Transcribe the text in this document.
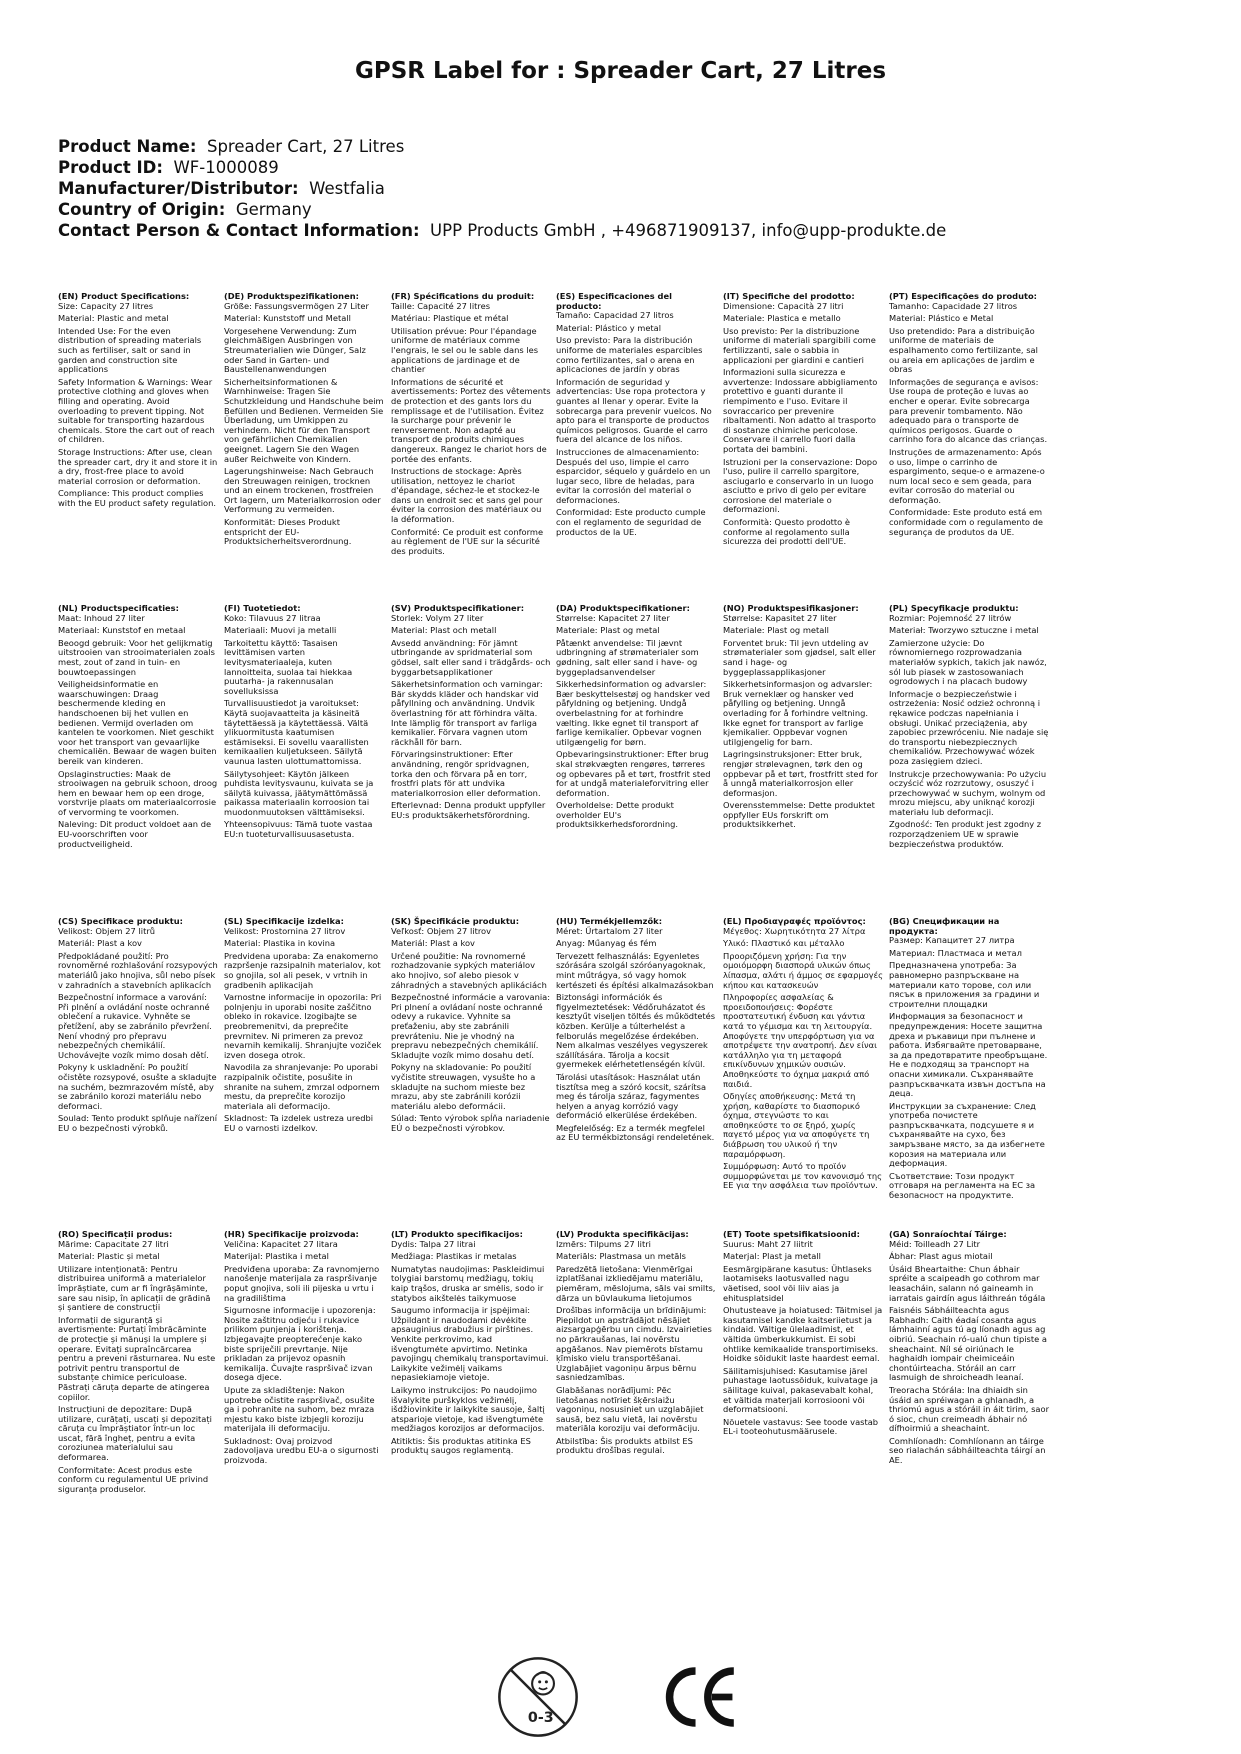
GPSR Label for : Spreader Cart, 27 Litres
Product Name: Spreader Cart, 27 Litres
Product ID: WF-1000089
Manufacturer/Distributor: Westfalia
Country of Origin: Germany
Contact Person & Contact Information: UPP Products GmbH , +496871909137, info@upp-produkte.de
(EN) Product Specifications:

Size: Capacity 27 litres

Material: Plastic and metal

Intended Use: For the even distribution of spreading materials such as fertiliser, salt or sand in garden and construction site applications

Safety Information & Warnings: Wear protective clothing and gloves when filling and operating. Avoid overloading to prevent tipping. Not suitable for transporting hazardous chemicals. Store the cart out of reach of children.

Storage Instructions: After use, clean the spreader cart, dry it and store it in a dry, frost-free place to avoid material corrosion or deformation.

Compliance: This product complies with the EU product safety regulation.

(DE) Produktspezifikationen:

Größe: Fassungsvermögen 27 Liter

Material: Kunststoff und Metall

Vorgesehene Verwendung: Zum gleichmäßigen Ausbringen von Streumaterialien wie Dünger, Salz oder Sand in Garten- und Baustellenanwendungen

Sicherheitsinformationen & Warnhinweise: Tragen Sie Schutzkleidung und Handschuhe beim Befüllen und Bedienen. Vermeiden Sie Überladung, um Umkippen zu verhindern. Nicht für den Transport von gefährlichen Chemikalien geeignet. Lagern Sie den Wagen außer Reichweite von Kindern.

Lagerungshinweise: Nach Gebrauch den Streuwagen reinigen, trocknen und an einem trockenen, frostfreien Ort lagern, um Materialkorrosion oder Verformung zu vermeiden.

Konformität: Dieses Produkt entspricht der EU-Produktsicherheitsverordnung.

(FR) Spécifications du produit:

Taille: Capacité 27 litres

Matériau: Plastique et métal

Utilisation prévue: Pour l'épandage uniforme de matériaux comme l'engrais, le sel ou le sable dans les applications de jardinage et de chantier

Informations de sécurité et avertissements: Portez des vêtements de protection et des gants lors du remplissage et de l'utilisation. Évitez la surcharge pour prévenir le renversement. Non adapté au transport de produits chimiques dangereux. Rangez le chariot hors de portée des enfants.

Instructions de stockage: Après utilisation, nettoyez le chariot d'épandage, séchez-le et stockez-le dans un endroit sec et sans gel pour éviter la corrosion des matériaux ou la déformation.

Conformité: Ce produit est conforme au règlement de l'UE sur la sécurité des produits.

(ES) Especificaciones del producto:

Tamaño: Capacidad 27 litros

Material: Plástico y metal

Uso previsto: Para la distribución uniforme de materiales esparcibles como fertilizantes, sal o arena en aplicaciones de jardín y obras

Información de seguridad y advertencias: Use ropa protectora y guantes al llenar y operar. Evite la sobrecarga para prevenir vuelcos. No apto para el transporte de productos químicos peligrosos. Guarde el carro fuera del alcance de los niños.

Instrucciones de almacenamiento: Después del uso, limpie el carro esparcidor, séquelo y guárdelo en un lugar seco, libre de heladas, para evitar la corrosión del material o deformaciones.

Conformidad: Este producto cumple con el reglamento de seguridad de productos de la UE.

(IT) Specifiche del prodotto:

Dimensione: Capacità 27 litri

Materiale: Plastica e metallo

Uso previsto: Per la distribuzione uniforme di materiali spargibili come fertilizzanti, sale o sabbia in applicazioni per giardini e cantieri

Informazioni sulla sicurezza e avvertenze: Indossare abbigliamento protettivo e guanti durante il riempimento e l'uso. Evitare il sovraccarico per prevenire ribaltamenti. Non adatto al trasporto di sostanze chimiche pericolose. Conservare il carrello fuori dalla portata dei bambini.

Istruzioni per la conservazione: Dopo l'uso, pulire il carrello spargitore, asciugarlo e conservarlo in un luogo asciutto e privo di gelo per evitare corrosione del materiale o deformazioni.

Conformità: Questo prodotto è conforme al regolamento sulla sicurezza dei prodotti dell'UE.

(PT) Especificações do produto:

Tamanho: Capacidade 27 litros

Material: Plástico e Metal

Uso pretendido: Para a distribuição uniforme de materiais de espalhamento como fertilizante, sal ou areia em aplicações de jardim e obras

Informações de segurança e avisos: Use roupa de proteção e luvas ao encher e operar. Evite sobrecarga para prevenir tombamento. Não adequado para o transporte de químicos perigosos. Guarde o carrinho fora do alcance das crianças.

Instruções de armazenamento: Após o uso, limpe o carrinho de espargimento, seque-o e armazene-o num local seco e sem geada, para evitar corrosão do material ou deformação.

Conformidade: Este produto está em conformidade com o regulamento de segurança de produtos da UE.

(NL) Productspecificaties:

Maat: Inhoud 27 liter

Materiaal: Kunststof en metaal

Beoogd gebruik: Voor het gelijkmatig uitstrooien van strooimaterialen zoals mest, zout of zand in tuin- en bouwtoepassingen

Veiligheidsinformatie en waarschuwingen: Draag beschermende kleding en handschoenen bij het vullen en bedienen. Vermijd overladen om kantelen te voorkomen. Niet geschikt voor het transport van gevaarlijke chemicaliën. Bewaar de wagen buiten bereik van kinderen.

Opslaginstructies: Maak de strooiwagen na gebruik schoon, droog hem en bewaar hem op een droge, vorstvrije plaats om materiaalcorrosie of vervorming te voorkomen.

Naleving: Dit product voldoet aan de EU-voorschriften voor productveiligheid.

(FI) Tuotetiedot:

Koko: Tilavuus 27 litraa

Materiaali: Muovi ja metalli

Tarkoitettu käyttö: Tasaisen levittämisen varten levitysmateriaaleja, kuten lannoitteita, suolaa tai hiekkaa puutarha- ja rakennusalan sovelluksissa

Turvallisuustiedot ja varoitukset: Käytä suojavaatteita ja käsineitä täytettäessä ja käytettäessä. Vältä ylikuormitusta kaatumisen estämiseksi. Ei sovellu vaarallisten kemikaalien kuljetukseen. Säilytä vaunua lasten ulottumattomissa.

Säilytysohjeet: Käytön jälkeen puhdista levitysvaunu, kuivata se ja säilytä kuivassa, jäätymättömässä paikassa materiaalin korroosion tai muodonmuutoksen välttämiseksi.

Yhteensopivuus: Tämä tuote vastaa EU:n tuoteturvallisuusasetusta.

(SV) Produktspecifikationer:

Storlek: Volym 27 liter

Material: Plast och metall

Avsedd användning: För jämnt utbringande av spridmaterial som gödsel, salt eller sand i trädgårds- och byggarbetsapplikationer

Säkerhetsinformation och varningar: Bär skydds kläder och handskar vid påfyllning och användning. Undvik överlastning för att förhindra välta. Inte lämplig för transport av farliga kemikalier. Förvara vagnen utom räckhåll för barn.

Förvaringsinstruktioner: Efter användning, rengör spridvagnen, torka den och förvara på en torr, frostfri plats för att undvika materialkorrosion eller deformation.

Efterlevnad: Denna produkt uppfyller EU:s produktsäkerhetsförordning.

(DA) Produktspecifikationer:

Størrelse: Kapacitet 27 liter

Materiale: Plast og metal

Påtænkt anvendelse: Til jævnt udbringning af strømaterialer som gødning, salt eller sand i have- og byggepladsanvendelser

Sikkerhedsinformation og advarsler: Bær beskyttelsestøj og handsker ved påfyldning og betjening. Undgå overbelastning for at forhindre vælting. Ikke egnet til transport af farlige kemikalier. Opbevar vognen utilgængelig for børn.

Opbevaringsinstruktioner: Efter brug skal strøkvægten rengøres, tørreres og opbevares på et tørt, frostfrit sted for at undgå materialeforvitring eller deformation.

Overholdelse: Dette produkt overholder EU's produktsikkerhedsforordning.

(NO) Produktspesifikasjoner:

Størrelse: Kapasitet 27 liter

Materiale: Plast og metall

Forventet bruk: Til jevn utdeling av strømaterialer som gjødsel, salt eller sand i hage- og byggeplassapplikasjoner

Sikkerhetsinformasjon og advarsler: Bruk verneklær og hansker ved påfylling og betjening. Unngå overlading for å forhindre veltning. Ikke egnet for transport av farlige kjemikalier. Oppbevar vognen utilgjengelig for barn.

Lagringsinstruksjoner: Etter bruk, rengjør strølevagnen, tørk den og oppbevar på et tørt, frostfritt sted for å unngå materialkorrosjon eller deformasjon.

Overensstemmelse: Dette produktet oppfyller EUs forskrift om produktsikkerhet.

(PL) Specyfikacje produktu:

Rozmiar: Pojemność 27 litrów

Materiał: Tworzywo sztuczne i metal

Zamierzone użycie: Do równomiernego rozprowadzania materiałów sypkich, takich jak nawóz, sól lub piasek w zastosowaniach ogrodowych i na placach budowy

Informacje o bezpieczeństwie i ostrzeżenia: Nosić odzież ochronną i rękawice podczas napełniania i obsługi. Unikać przeciążenia, aby zapobiec przewróceniu. Nie nadaje się do transportu niebezpiecznych chemikaliów. Przechowywać wózek poza zasięgiem dzieci.

Instrukcje przechowywania: Po użyciu oczyścić wóz rozrzutowy, osuszyć i przechowywać w suchym, wolnym od mrozu miejscu, aby uniknąć korozji materiału lub deformacji.

Zgodność: Ten produkt jest zgodny z rozporządzeniem UE w sprawie bezpieczeństwa produktów.

(CS) Specifikace produktu:

Velikost: Objem 27 litrů

Materiál: Plast a kov

Předpokládané použití: Pro rovnoměrné rozhlašování rozsypových materiálů jako hnojiva, sůl nebo písek v zahradních a stavebních aplikacích

Bezpečnostní informace a varování: Při plnění a ovládání noste ochranné oblečení a rukavice. Vyhněte se přetížení, aby se zabránilo převržení. Není vhodný pro přepravu nebezpečných chemikálií. Uchovávejte vozík mimo dosah dětí.

Pokyny k uskladnění: Po použití očistěte rozsypové, osušte a skladujte na suchém, bezmrazovém místě, aby se zabránilo korozi materiálu nebo deformaci.

Soulad: Tento produkt splňuje nařízení EU o bezpečnosti výrobků.

(SL) Specifikacije izdelka:

Velikost: Prostornina 27 litrov

Material: Plastika in kovina

Predvidena uporaba: Za enakomerno razpršenje razsipalnih materialov, kot so gnojila, sol ali pesek, v vrtnih in gradbenih aplikacijah

Varnostne informacije in opozorila: Pri polnjenju in uporabi nosite zaščitno obleko in rokavice. Izogibajte se preobremenitvi, da preprečite prevrnitev. Ni primeren za prevoz nevarnih kemikalij. Shranjujte voziček izven dosega otrok.

Navodila za shranjevanje: Po uporabi razpipalnik očistite, posušite in shranite na suhem, zmrzal odpornem mestu, da preprečite korozijo materiala ali deformacijo.

Skladnost: Ta izdelek ustreza uredbi EU o varnosti izdelkov.

(SK) Špecifikácie produktu:

Veľkosť: Objem 27 litrov

Materiál: Plast a kov

Určené použitie: Na rovnomerné rozhadzovanie sypkých materiálov ako hnojivo, soľ alebo piesok v záhradných a stavebných aplikáciách

Bezpečnostné informácie a varovania: Pri plnení a ovládaní noste ochranné odevy a rukavice. Vyhnite sa preťaženiu, aby ste zabránili prevráteniu. Nie je vhodný na prepravu nebezpečných chemikálií. Skladujte vozík mimo dosahu detí.

Pokyny na skladovanie: Po použití vyčistite streuwagen, vysušte ho a skladujte na suchom mieste bez mrazu, aby ste zabránili korózii materiálu alebo deformácii.

Súlad: Tento výrobok spĺňa nariadenie EÚ o bezpečnosti výrobkov.

(HU) Termékjellemzők:

Méret: Űrtartalom 27 liter

Anyag: Műanyag és fém

Tervezett felhasználás: Egyenletes szórására szolgál szóróanyagoknak, mint műtrágya, só vagy homok kertészeti és építési alkalmazásokban

Biztonsági információk és figyelmeztetések: Védőruházatot és kesztyűt viseljen töltés és működtetés közben. Kerülje a túlterhelést a felborulás megelőzése érdekében. Nem alkalmas veszélyes vegyszerek szállítására. Tárolja a kocsit gyermekek elérhetetlenségén kívül.

Tárolási utasítások: Használat után tisztítsa meg a szóró kocsit, szárítsa meg és tárolja száraz, fagymentes helyen a anyag korrózió vagy deformáció elkerülése érdekében.

Megfelelőség: Ez a termék megfelel az EU termékbiztonsági rendeletének.

(EL) Προδιαγραφές προϊόντος:

Μέγεθος: Χωρητικότητα 27 λίτρα

Υλικό: Πλαστικό και μέταλλο

Προοριζόμενη χρήση: Για την ομοιόμορφη διασπορά υλικών όπως λίπασμα, αλάτι ή άμμος σε εφαρμογές κήπου και κατασκευών

Πληροφορίες ασφαλείας & προειδοποιήσεις: Φορέστε προστατευτική ένδυση και γάντια κατά το γέμισμα και τη λειτουργία. Αποφύγετε την υπερφόρτωση για να αποτρέψετε την ανατροπή. Δεν είναι κατάλληλο για τη μεταφορά επικίνδυνων χημικών ουσιών. Αποθηκεύστε το όχημα μακριά από παιδιά.

Οδηγίες αποθήκευσης: Μετά τη χρήση, καθαρίστε το διασπορικό όχημα, στεγνώστε το και αποθηκεύστε το σε ξηρό, χωρίς παγετό μέρος για να αποφύγετε τη διάβρωση του υλικού ή την παραμόρφωση.

Συμμόρφωση: Αυτό το προϊόν συμμορφώνεται με τον κανονισμό της ΕΕ για την ασφάλεια των προϊόντων.

(BG) Спецификации на продукта:

Размер: Капацитет 27 литра

Материал: Пластмаса и метал

Предназначена употреба: За равномерно разпръскване на материали като торове, сол или пясък в приложения за градини и строителни площадки

Информация за безопасност и предупреждения: Носете защитна дреха и ръкавици при пълнене и работа. Избягвайте претоварване, за да предотвратите преобръщане. Не е подходящ за транспорт на опасни химикали. Съхранявайте разпръсквачката извън достъпа на деца.

Инструкции за съхранение: След употреба почистете разпръсквачката, подсушете я и съхранявайте на сухо, без замръзване място, за да избегнете корозия на материала или деформация.

Съответствие: Този продукт отговаря на регламента на ЕС за безопасност на продуктите.

(RO) Specificații produs:

Mărime: Capacitate 27 litri

Material: Plastic și metal

Utilizare intenționată: Pentru distribuirea uniformă a materialelor împrăștiate, cum ar fi îngrășăminte, sare sau nisip, în aplicații de grădină și șantiere de construcții

Informații de siguranță și avertismente: Purtați îmbrăcăminte de protecție și mănuși la umplere și operare. Evitați supraîncărcarea pentru a preveni răsturnarea. Nu este potrivit pentru transportul de substanțe chimice periculoase. Păstrați căruța departe de atingerea copiilor.

Instrucțiuni de depozitare: După utilizare, curățați, uscați și depozitați căruța cu împrăștiator într-un loc uscat, fără îngheț, pentru a evita coroziunea materialului sau deformarea.

Conformitate: Acest produs este conform cu regulamentul UE privind siguranța produselor.

(HR) Specifikacije proizvoda:

Veličina: Kapacitet 27 litara

Materijal: Plastika i metal

Predviđena uporaba: Za ravnomjerno nanošenje materijala za raspršivanje poput gnojiva, soli ili pijeska u vrtu i na gradilištima

Sigurnosne informacije i upozorenja: Nosite zaštitnu odjeću i rukavice prilikom punjenja i korištenja. Izbjegavajte preopterećenje kako biste spriječili prevrtanje. Nije prikladan za prijevoz opasnih kemikalija. Čuvajte raspršivač izvan dosega djece.

Upute za skladištenje: Nakon upotrebe očistite raspršivač, osušite ga i pohranite na suhom, bez mraza mjestu kako biste izbjegli koroziju materijala ili deformaciju.

Sukladnost: Ovaj proizvod zadovoljava uredbu EU-a o sigurnosti proizvoda.

(LT) Produkto specifikacijos:

Dydis: Talpa 27 litrai

Medžiaga: Plastikas ir metalas

Numatytas naudojimas: Paskleidimui tolygiai barstomų medžiagų, tokių kaip trąšos, druska ar smėlis, sodo ir statybos aikštelės taikymuose

Saugumo informacija ir įspėjimai: Užpildant ir naudodami dėvėkite apsauginius drabužius ir pirštines. Venkite perkrovimo, kad išvengtumėte apvirtimo. Netinka pavojingų chemikalų transportavimui. Laikykite vežimėlį vaikams nepasiekiamoje vietoje.

Laikymo instrukcijos: Po naudojimo išvalykite purškyklos vežimėlį, išdžiovinkite ir laikykite sausoje, šaltį atsparioje vietoje, kad išvengtumėte medžiagos korozijos ar deformacijos.

Atitiktis: Šis produktas atitinka ES produktų saugos reglamentą.

(LV) Produkta specifikācijas:

Izmērs: Tilpums 27 litri

Materiāls: Plastmasa un metāls

Paredzētā lietošana: Vienmērīgai izplatīšanai izkliedējamu materiālu, piemēram, mēslojuma, sāls vai smilts, dārza un būvlaukuma lietojumos

Drošības informācija un brīdinājumi: Piepildot un apstrādājot nēsājiet aizsargapģērbu un cimdu. Izvairieties no pārkraušanas, lai novērstu apgāšanos. Nav piemērots bīstamu ķīmisko vielu transportēšanai. Uzglabājiet vagoniņu ārpus bērnu sasniedzamības.

Glabāšanas norādījumi: Pēc lietošanas notīriet šķērslaižu vagoniņu, nosusiniet un uzglabājiet sausā, bez salu vietā, lai novērstu materiāla koroziju vai deformāciju.

Atbilstība: Šis produkts atbilst ES produktu drošības regulai.

(ET) Toote spetsifikatsioonid:

Suurus: Maht 27 liitrit

Materjal: Plast ja metall

Eesmärgipärane kasutus: Ühtlaseks laotamiseks laotusvalled nagu väetised, sool või liiv aias ja ehitusplatsidel

Ohutusteave ja hoiatused: Täitmisel ja kasutamisel kandke kaitseriietust ja kindaid. Vältige ülelaadimist, et vältida ümberkukkumist. Ei sobi ohtlike kemikaalide transportimiseks. Hoidke sõidukit laste haardest eemal.

Säilitamisjuhised: Kasutamise järel puhastage laotussõiduk, kuivatage ja säilitage kuival, pakasevabalt kohal, et vältida materjali korrosiooni või deformatsiooni.

Nõuetele vastavus: See toode vastab EL-i tooteohutusmäärusele.

(GA) Sonraíochtaí Táirge:

Méid: Toilleadh 27 Litr

Ábhar: Plast agus miotail

Úsáid Bheartaithe: Chun ábhair spréite a scaipeadh go cothrom mar leasacháin, salann nó gaineamh in iarratais gairdín agus láithreán tógála

Faisnéis Sábháilteachta agus Rabhadh: Caith éadaí cosanta agus lámhainní agus tú ag líonadh agus ag oibriú. Seachain ró-ualú chun tipiste a sheachaint. Níl sé oiriúnach le haghaidh iompair cheimiceáin chontúirteacha. Stóráil an carr lasmuigh de shroicheadh leanaí.

Treoracha Stórála: Ina dhiaidh sin úsáid an spréiwagan a ghlanadh, a thriomú agus a stóráil in áit tirim, saor ó sioc, chun creimeadh ábhair nó dífhoirmiú a sheachaint.

Comhlíonadh: Comhlíonann an táirge seo rialachán sábháilteachta táirgí an AE.

0-3
